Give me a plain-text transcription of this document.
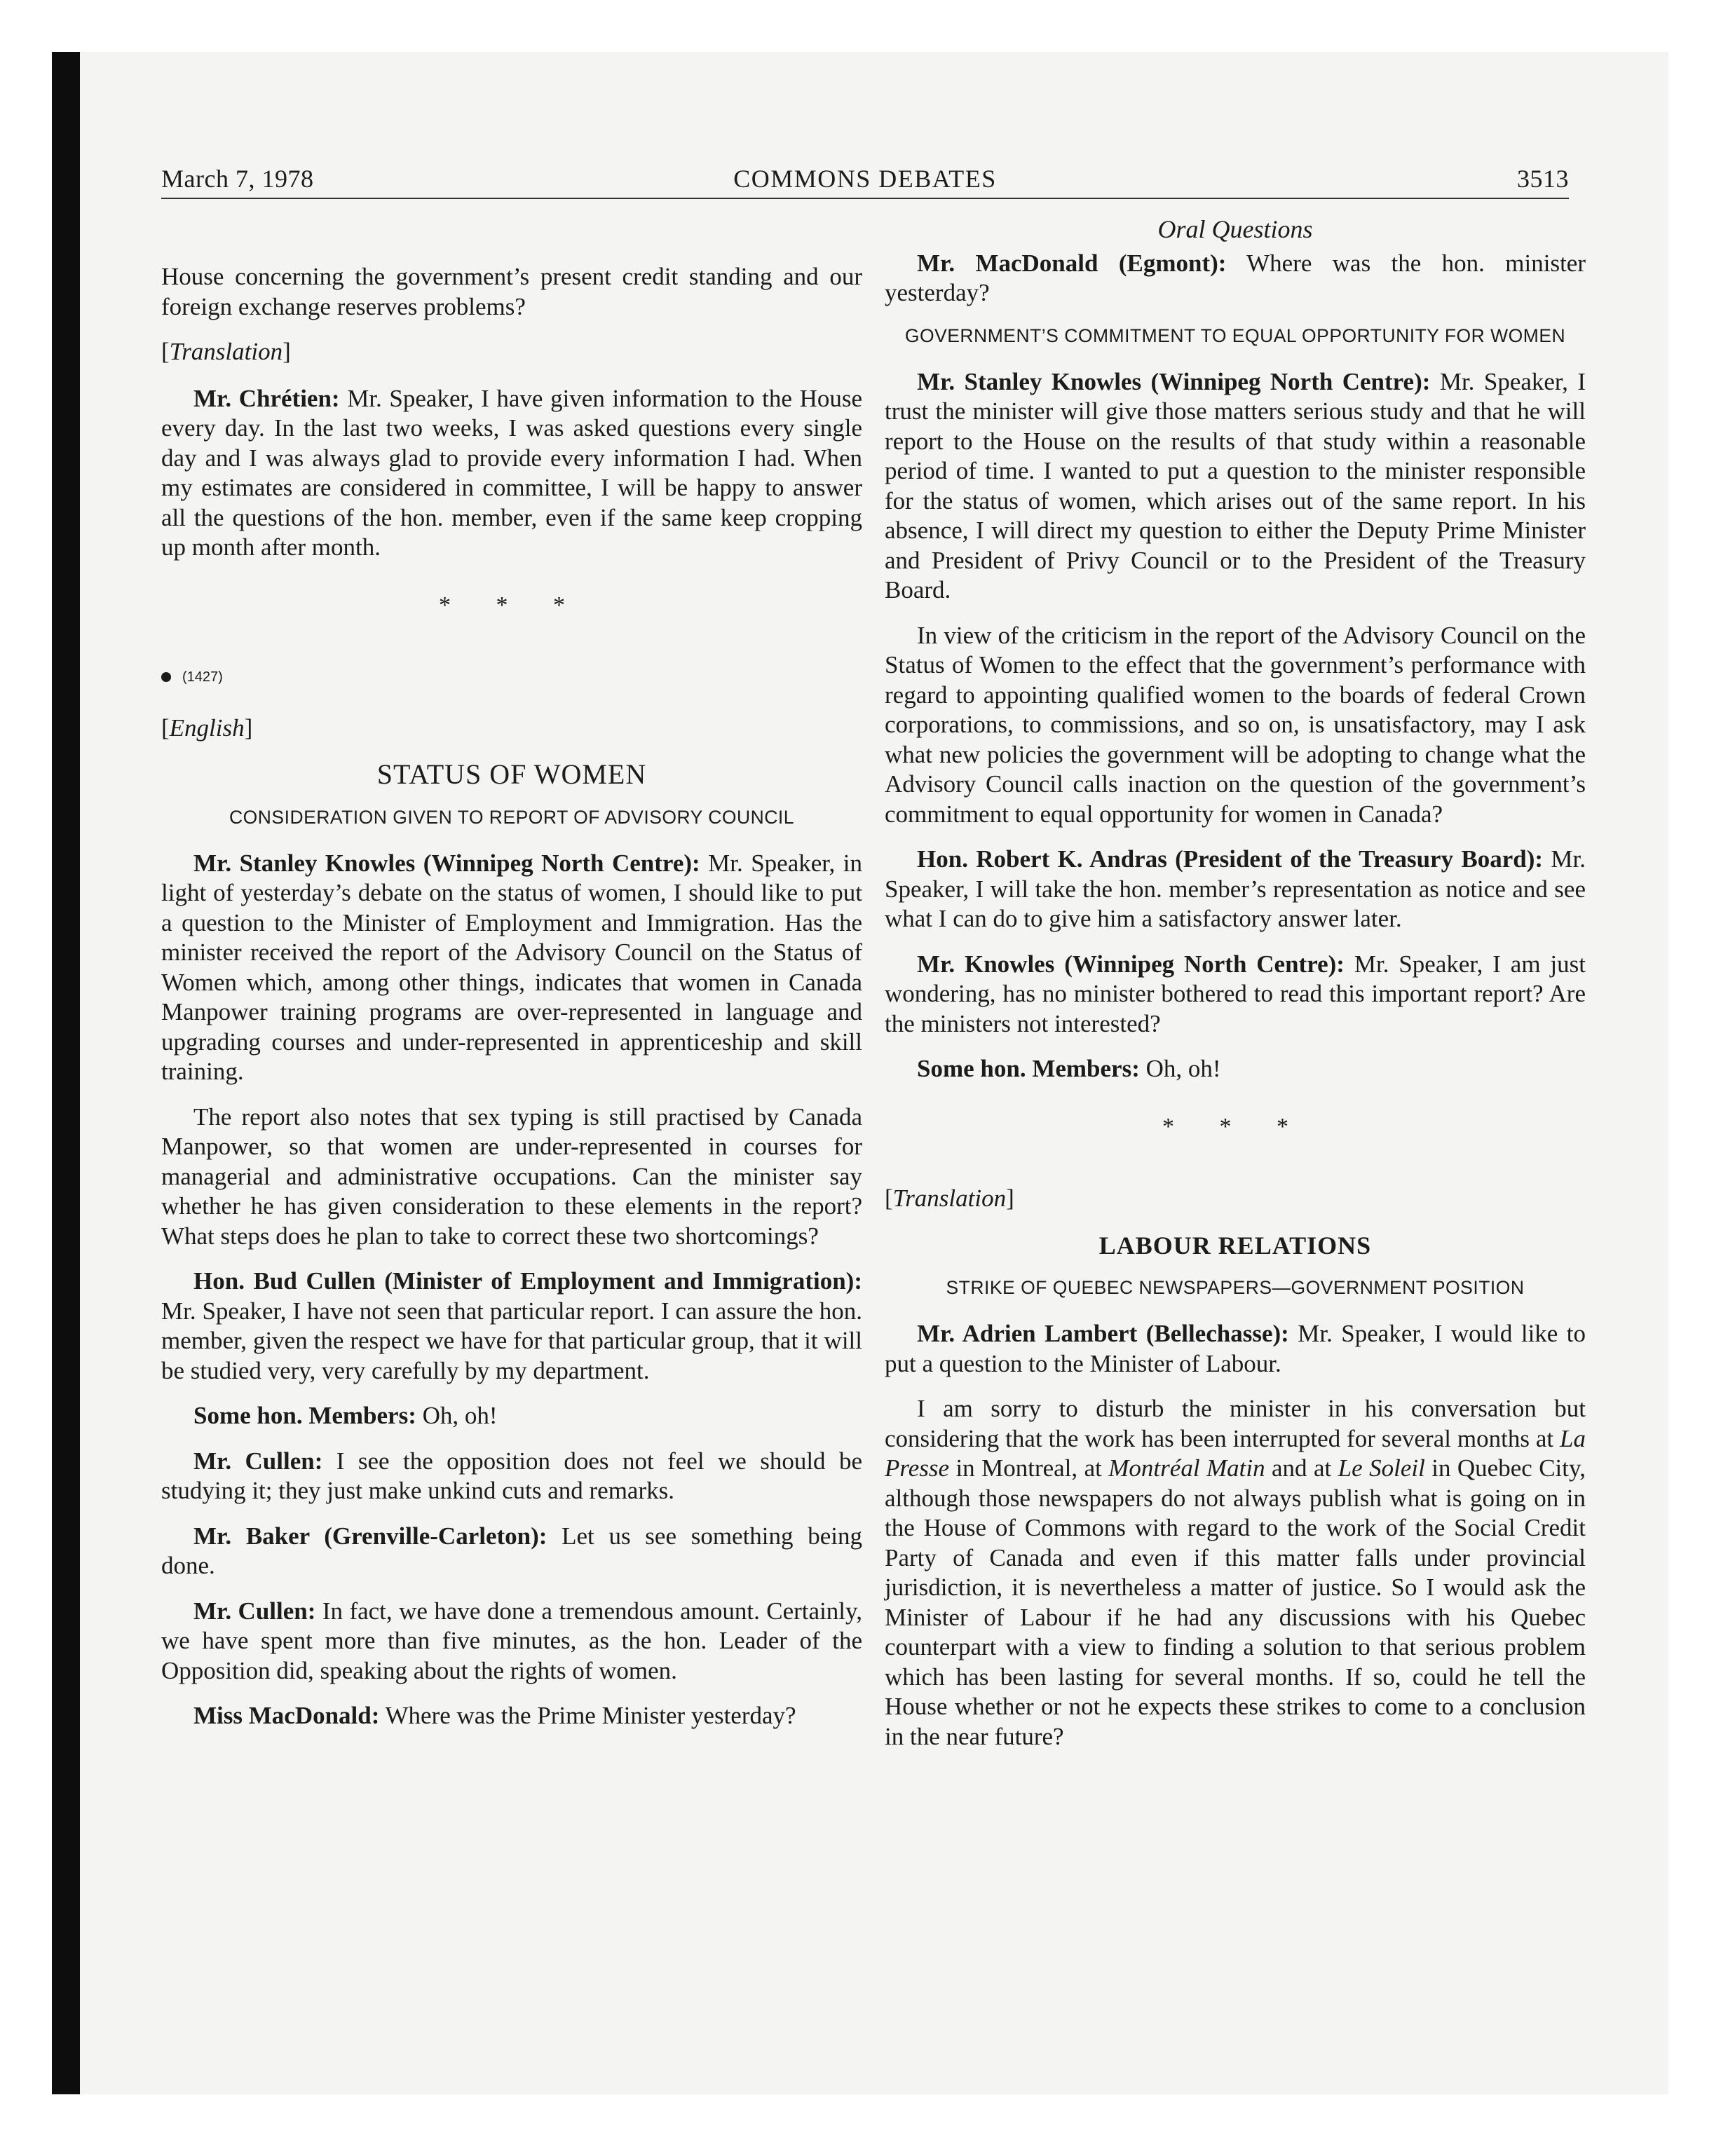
March 7, 1978	COMMONS DEBATES	3513

House concerning the government’s present credit standing and our foreign exchange reserves problems?

[Translation]

Mr. Chrétien: Mr. Speaker, I have given information to the House every day. In the last two weeks, I was asked questions every single day and I was always glad to provide every information I had. When my estimates are considered in committee, I will be happy to answer all the questions of the hon. member, even if the same keep cropping up month after month.

* * *
(1427)
[English]
STATUS OF WOMEN
CONSIDERATION GIVEN TO REPORT OF ADVISORY COUNCIL

Mr. Stanley Knowles (Winnipeg North Centre): Mr. Speaker, in light of yesterday’s debate on the status of women, I should like to put a question to the Minister of Employment and Immigration. Has the minister received the report of the Advisory Council on the Status of Women which, among other things, indicates that women in Canada Manpower training programs are over-represented in language and upgrading courses and under-represented in apprenticeship and skill training.

The report also notes that sex typing is still practised by Canada Manpower, so that women are under-represented in courses for managerial and administrative occupations. Can the minister say whether he has given consideration to these elements in the report? What steps does he plan to take to correct these two shortcomings?

Hon. Bud Cullen (Minister of Employment and Immigration): Mr. Speaker, I have not seen that particular report. I can assure the hon. member, given the respect we have for that particular group, that it will be studied very, very carefully by my department.

Some hon. Members: Oh, oh!

Mr. Cullen: I see the opposition does not feel we should be studying it; they just make unkind cuts and remarks.

Mr. Baker (Grenville-Carleton): Let us see something being done.

Mr. Cullen: In fact, we have done a tremendous amount. Certainly, we have spent more than five minutes, as the hon. Leader of the Opposition did, speaking about the rights of women.

Miss MacDonald: Where was the Prime Minister yesterday?

Oral Questions

Mr. MacDonald (Egmont): Where was the hon. minister yesterday?

GOVERNMENT’S COMMITMENT TO EQUAL OPPORTUNITY FOR WOMEN

Mr. Stanley Knowles (Winnipeg North Centre): Mr. Speaker, I trust the minister will give those matters serious study and that he will report to the House on the results of that study within a reasonable period of time. I wanted to put a question to the minister responsible for the status of women, which arises out of the same report. In his absence, I will direct my question to either the Deputy Prime Minister and President of Privy Council or to the President of the Treasury Board.

In view of the criticism in the report of the Advisory Council on the Status of Women to the effect that the government’s performance with regard to appointing qualified women to the boards of federal Crown corporations, to commissions, and so on, is unsatisfactory, may I ask what new policies the government will be adopting to change what the Advisory Council calls inaction on the question of the government’s commitment to equal opportunity for women in Canada?

Hon. Robert K. Andras (President of the Treasury Board): Mr. Speaker, I will take the hon. member’s representation as notice and see what I can do to give him a satisfactory answer later.

Mr. Knowles (Winnipeg North Centre): Mr. Speaker, I am just wondering, has no minister bothered to read this important report? Are the ministers not interested?

Some hon. Members: Oh, oh!

* * *
[Translation]
LABOUR RELATIONS
STRIKE OF QUEBEC NEWSPAPERS—GOVERNMENT POSITION

Mr. Adrien Lambert (Bellechasse): Mr. Speaker, I would like to put a question to the Minister of Labour.

I am sorry to disturb the minister in his conversation but considering that the work has been interrupted for several months at La Presse in Montreal, at Montréal Matin and at Le Soleil in Quebec City, although those newspapers do not always publish what is going on in the House of Commons with regard to the work of the Social Credit Party of Canada and even if this matter falls under provincial jurisdiction, it is nevertheless a matter of justice. So I would ask the Minister of Labour if he had any discussions with his Quebec counterpart with a view to finding a solution to that serious problem which has been lasting for several months. If so, could he tell the House whether or not he expects these strikes to come to a conclusion in the near future?
